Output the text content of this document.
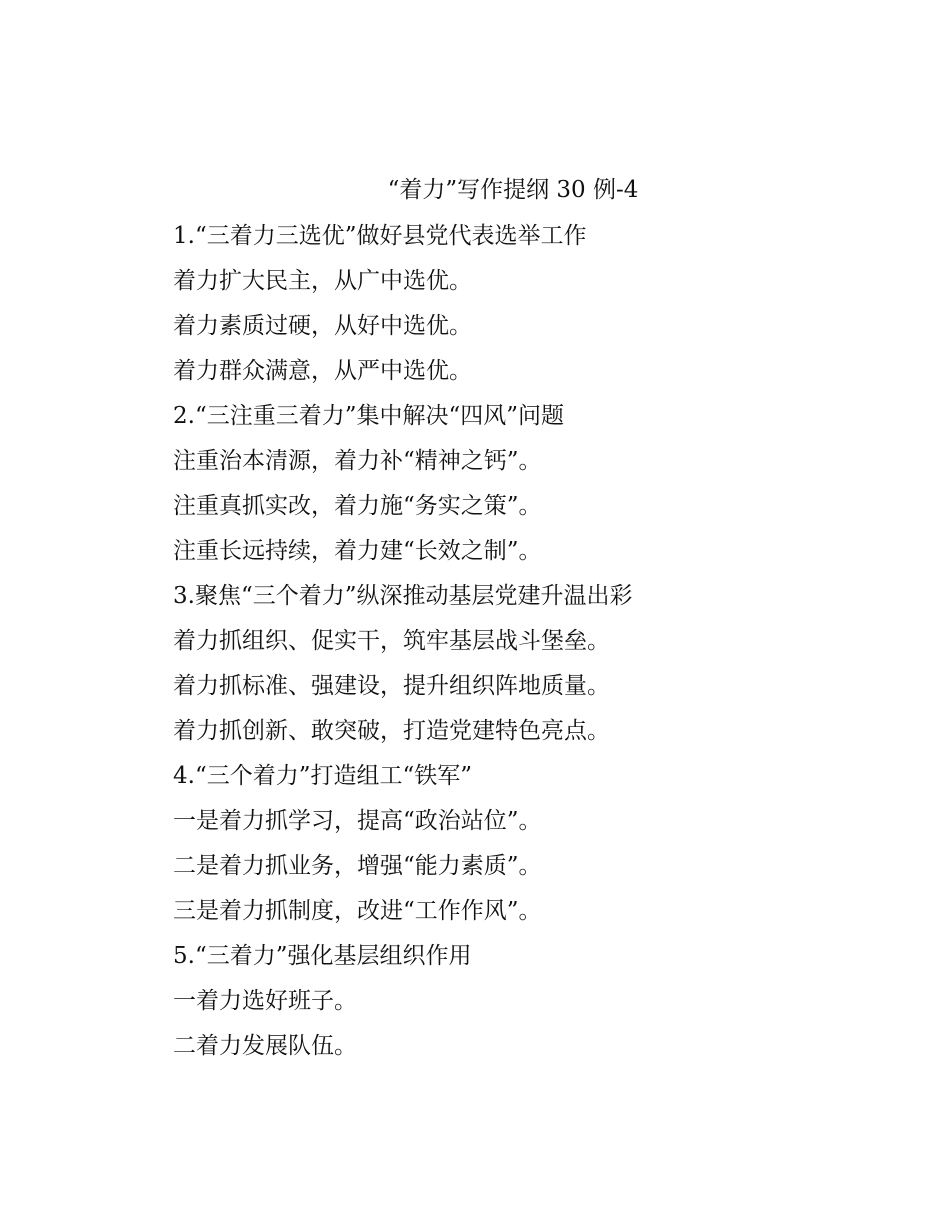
“着力”写作提纲 30 例-4
1.“三着力三选优”做好县党代表选举工作
着力扩大民主，从广中选优。
着力素质过硬，从好中选优。
着力群众满意，从严中选优。
2.“三注重三着力”集中解决“四风”问题
注重治本清源，着力补“精神之钙”。
注重真抓实改，着力施“务实之策”。
注重长远持续，着力建“长效之制”。
3.聚焦“三个着力”纵深推动基层党建升温出彩
着力抓组织、促实干，筑牢基层战斗堡垒。
着力抓标准、强建设，提升组织阵地质量。
着力抓创新、敢突破，打造党建特色亮点。
4.“三个着力”打造组工“铁军”
一是着力抓学习，提高“政治站位”。
二是着力抓业务，增强“能力素质”。
三是着力抓制度，改进“工作作风”。
5.“三着力”强化基层组织作用
一着力选好班子。
二着力发展队伍。
